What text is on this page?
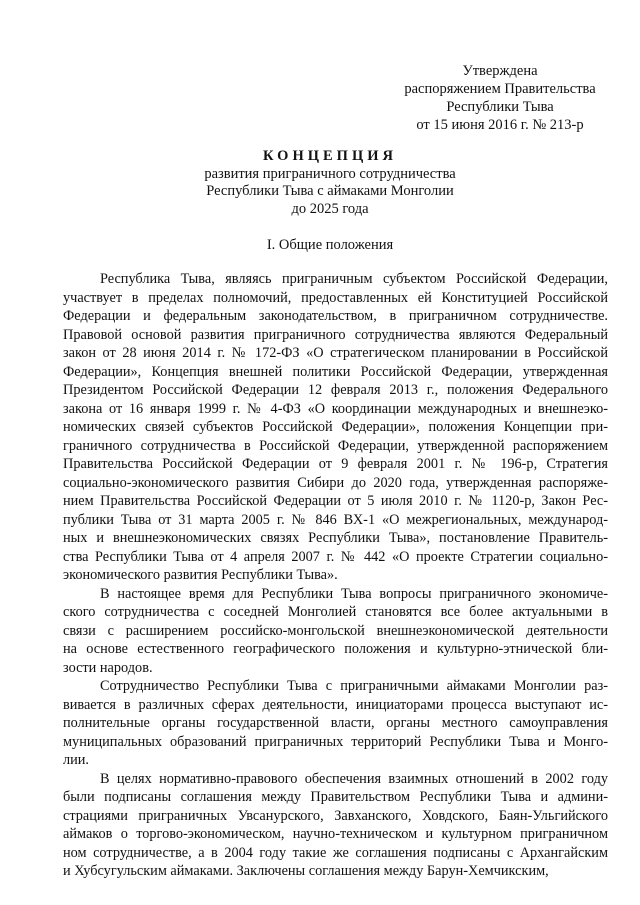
Утверждена
распоряжением Правительства
Республики Тыва
от 15 июня 2016 г. № 213-р
КОНЦЕПЦИЯ
развития приграничного сотрудничества
Республики Тыва с аймаками Монголии
до 2025 года
I. Общие положения
Республика Тыва, являясь приграничным субъектом Российской Федерации,
участвует в пределах полномочий, предоставленных ей Конституцией Российской
Федерации и федеральным законодательством, в приграничном сотрудничестве.
Правовой основой развития приграничного сотрудничества являются Федеральный
закон от 28 июня 2014 г. № 172-ФЗ «О стратегическом планировании в Российской
Федерации», Концепция внешней политики Российской Федерации, утвержденная
Президентом Российской Федерации 12 февраля 2013 г., положения Федерального
закона от 16 января 1999 г. № 4-ФЗ «О координации международных и внешнеэко-
номических связей субъектов Российской Федерации», положения Концепции при-
граничного сотрудничества в Российской Федерации, утвержденной распоряжением
Правительства Российской Федерации от 9 февраля 2001 г. № 196-р, Стратегия
социально-экономического развития Сибири до 2020 года, утвержденная распоряже-
нием Правительства Российской Федерации от 5 июля 2010 г. № 1120-р, Закон Рес-
публики Тыва от 31 марта 2005 г. № 846 ВХ-1 «О межрегиональных, международ-
ных и внешнеэкономических связях Республики Тыва», постановление Правитель-
ства Республики Тыва от 4 апреля 2007 г. № 442 «О проекте Стратегии социально-
экономического развития Республики Тыва».
В настоящее время для Республики Тыва вопросы приграничного экономиче-
ского сотрудничества с соседней Монголией становятся все более актуальными в
связи с расширением российско-монгольской внешнеэкономической деятельности
на основе естественного географического положения и культурно-этнической бли-
зости народов.
Сотрудничество Республики Тыва с приграничными аймаками Монголии раз-
вивается в различных сферах деятельности, инициаторами процесса выступают ис-
полнительные органы государственной власти, органы местного самоуправления
муниципальных образований приграничных территорий Республики Тыва и Монго-
лии.
В целях нормативно-правового обеспечения взаимных отношений в 2002 году
были подписаны соглашения между Правительством Республики Тыва и админи-
страциями приграничных Увсанурского, Завханского, Ховдского, Баян-Ульгийского
аймаков о торгово-экономическом, научно-техническом и культурном приграничном
ном сотрудничестве, а в 2004 году такие же соглашения подписаны с Архангайским
и Хубсугульским аймаками. Заключены соглашения между Барун-Хемчикским,
